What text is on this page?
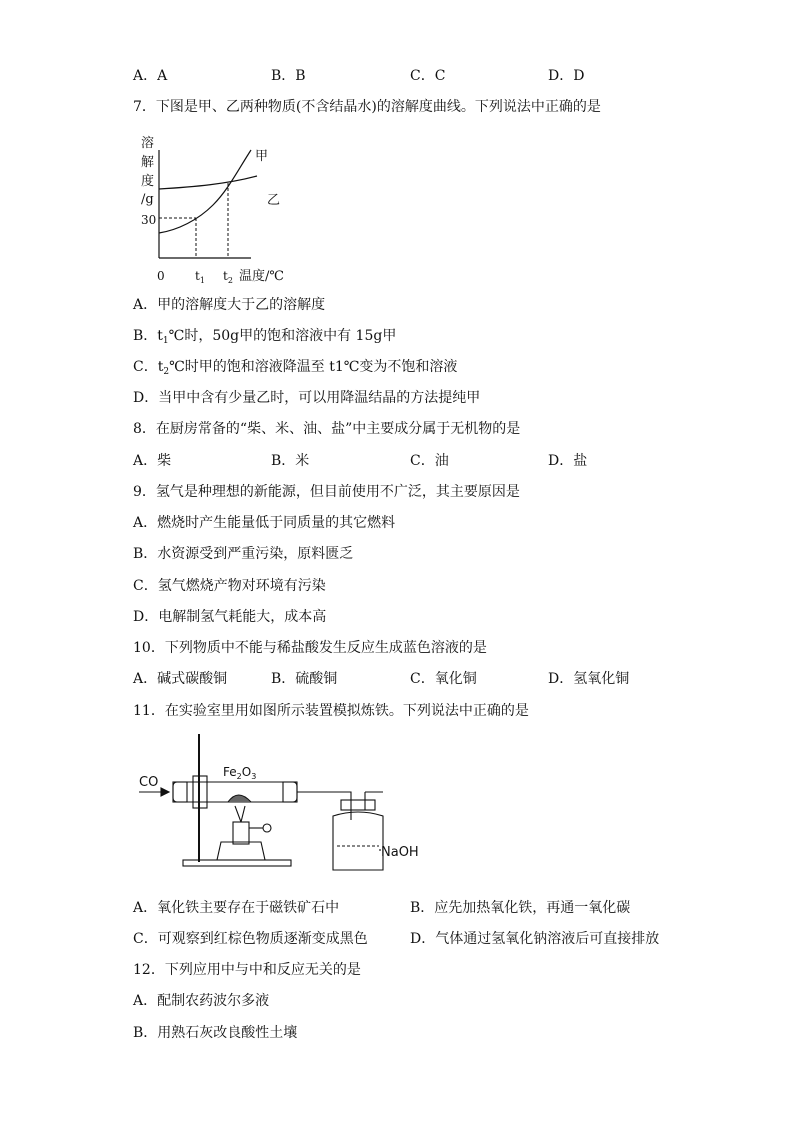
A．A	B．B	C．C	D．D
7．下图是甲、乙两种物质(不含结晶水)的溶解度曲线。下列说法中正确的是
溶
解
度
/g
30
0	$t_1$ $t_2$ 温度/℃
甲
乙
A．甲的溶解度大于乙的溶解度
B．$t_1℃$时，50g甲的饱和溶液中有 15g甲
C．$t_2℃$时甲的饱和溶液降温至 t1℃变为不饱和溶液
D．当甲中含有少量乙时，可以用降温结晶的方法提纯甲
8．在厨房常备的“柴、米、油、盐”中主要成分属于无机物的是
A．柴	B．米	C．油	D．盐
9．氢气是种理想的新能源，但目前使用不广泛，其主要原因是
A．燃烧时产生能量低于同质量的其它燃料
B．水资源受到严重污染，原料匮乏
C．氢气燃烧产物对环境有污染
D．电解制氢气耗能大，成本高
10．下列物质中不能与稀盐酸发生反应生成蓝色溶液的是
A．碱式碳酸铜	B．硫酸铜	C．氧化铜	D．氢氧化铜
11．在实验室里用如图所示装置模拟炼铁。下列说法中正确的是
CO
$Fe_2O_3$
NaOH
A．氧化铁主要存在于磁铁矿石中	B．应先加热氧化铁，再通一氧化碳
C．可观察到红棕色物质逐渐变成黑色	D．气体通过氢氧化钠溶液后可直接排放
12．下列应用中与中和反应无关的是
A．配制农药波尔多液
B．用熟石灰改良酸性土壤
